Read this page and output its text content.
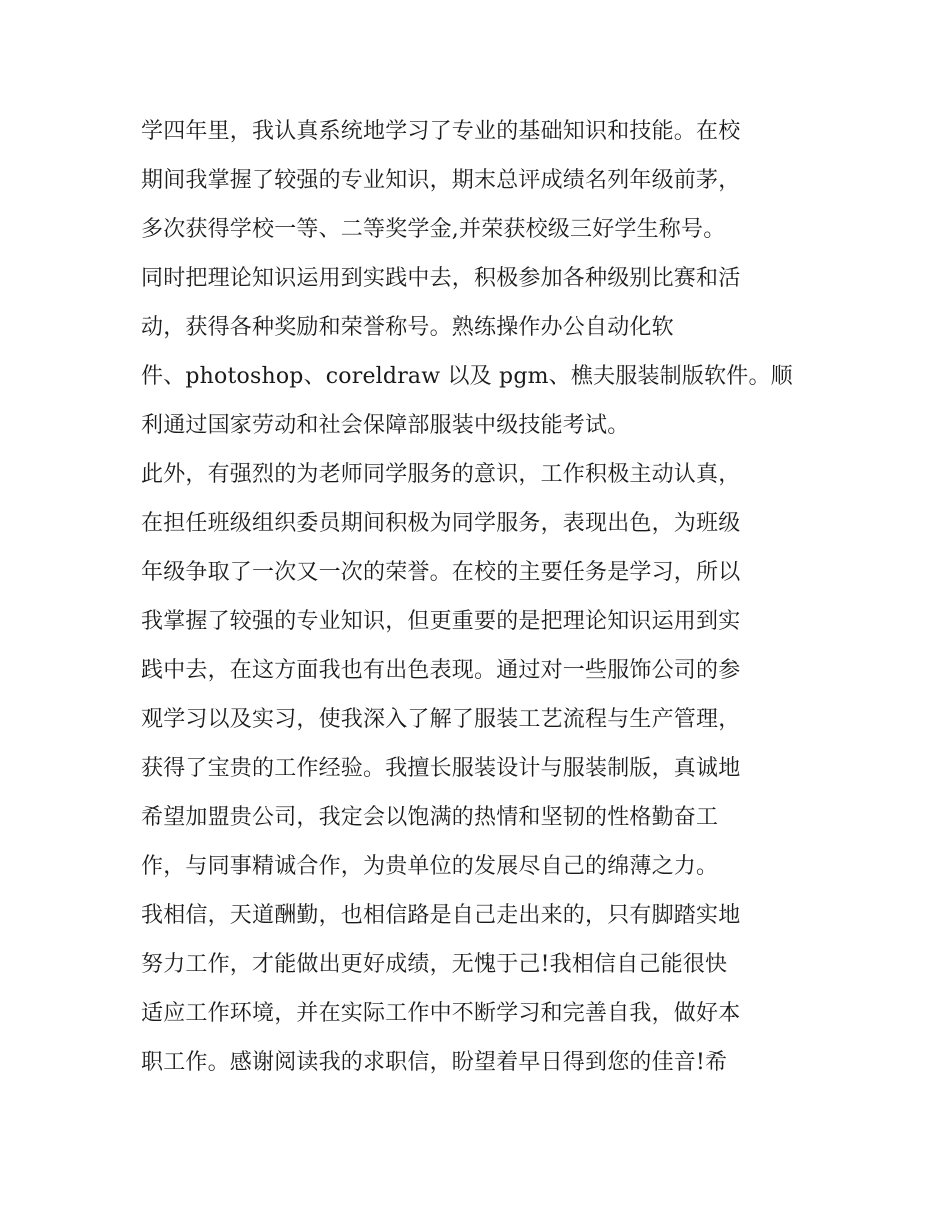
学四年里，我认真系统地学习了专业的基础知识和技能。在校
期间我掌握了较强的专业知识，期末总评成绩名列年级前茅，
多次获得学校一等、二等奖学金,并荣获校级三好学生称号。
同时把理论知识运用到实践中去，积极参加各种级别比赛和活
动，获得各种奖励和荣誉称号。熟练操作办公自动化软
件、photoshop、coreldraw 以及 pgm、樵夫服装制版软件。顺
利通过国家劳动和社会保障部服装中级技能考试。
此外，有强烈的为老师同学服务的意识，工作积极主动认真，
在担任班级组织委员期间积极为同学服务，表现出色，为班级
年级争取了一次又一次的荣誉。在校的主要任务是学习，所以
我掌握了较强的专业知识，但更重要的是把理论知识运用到实
践中去，在这方面我也有出色表现。通过对一些服饰公司的参
观学习以及实习，使我深入了解了服装工艺流程与生产管理，
获得了宝贵的工作经验。我擅长服装设计与服装制版，真诚地
希望加盟贵公司，我定会以饱满的热情和坚韧的性格勤奋工
作，与同事精诚合作，为贵单位的发展尽自己的绵薄之力。
我相信，天道酬勤，也相信路是自己走出来的，只有脚踏实地
努力工作，才能做出更好成绩，无愧于己!我相信自己能很快
适应工作环境，并在实际工作中不断学习和完善自我，做好本
职工作。感谢阅读我的求职信，盼望着早日得到您的佳音!希
